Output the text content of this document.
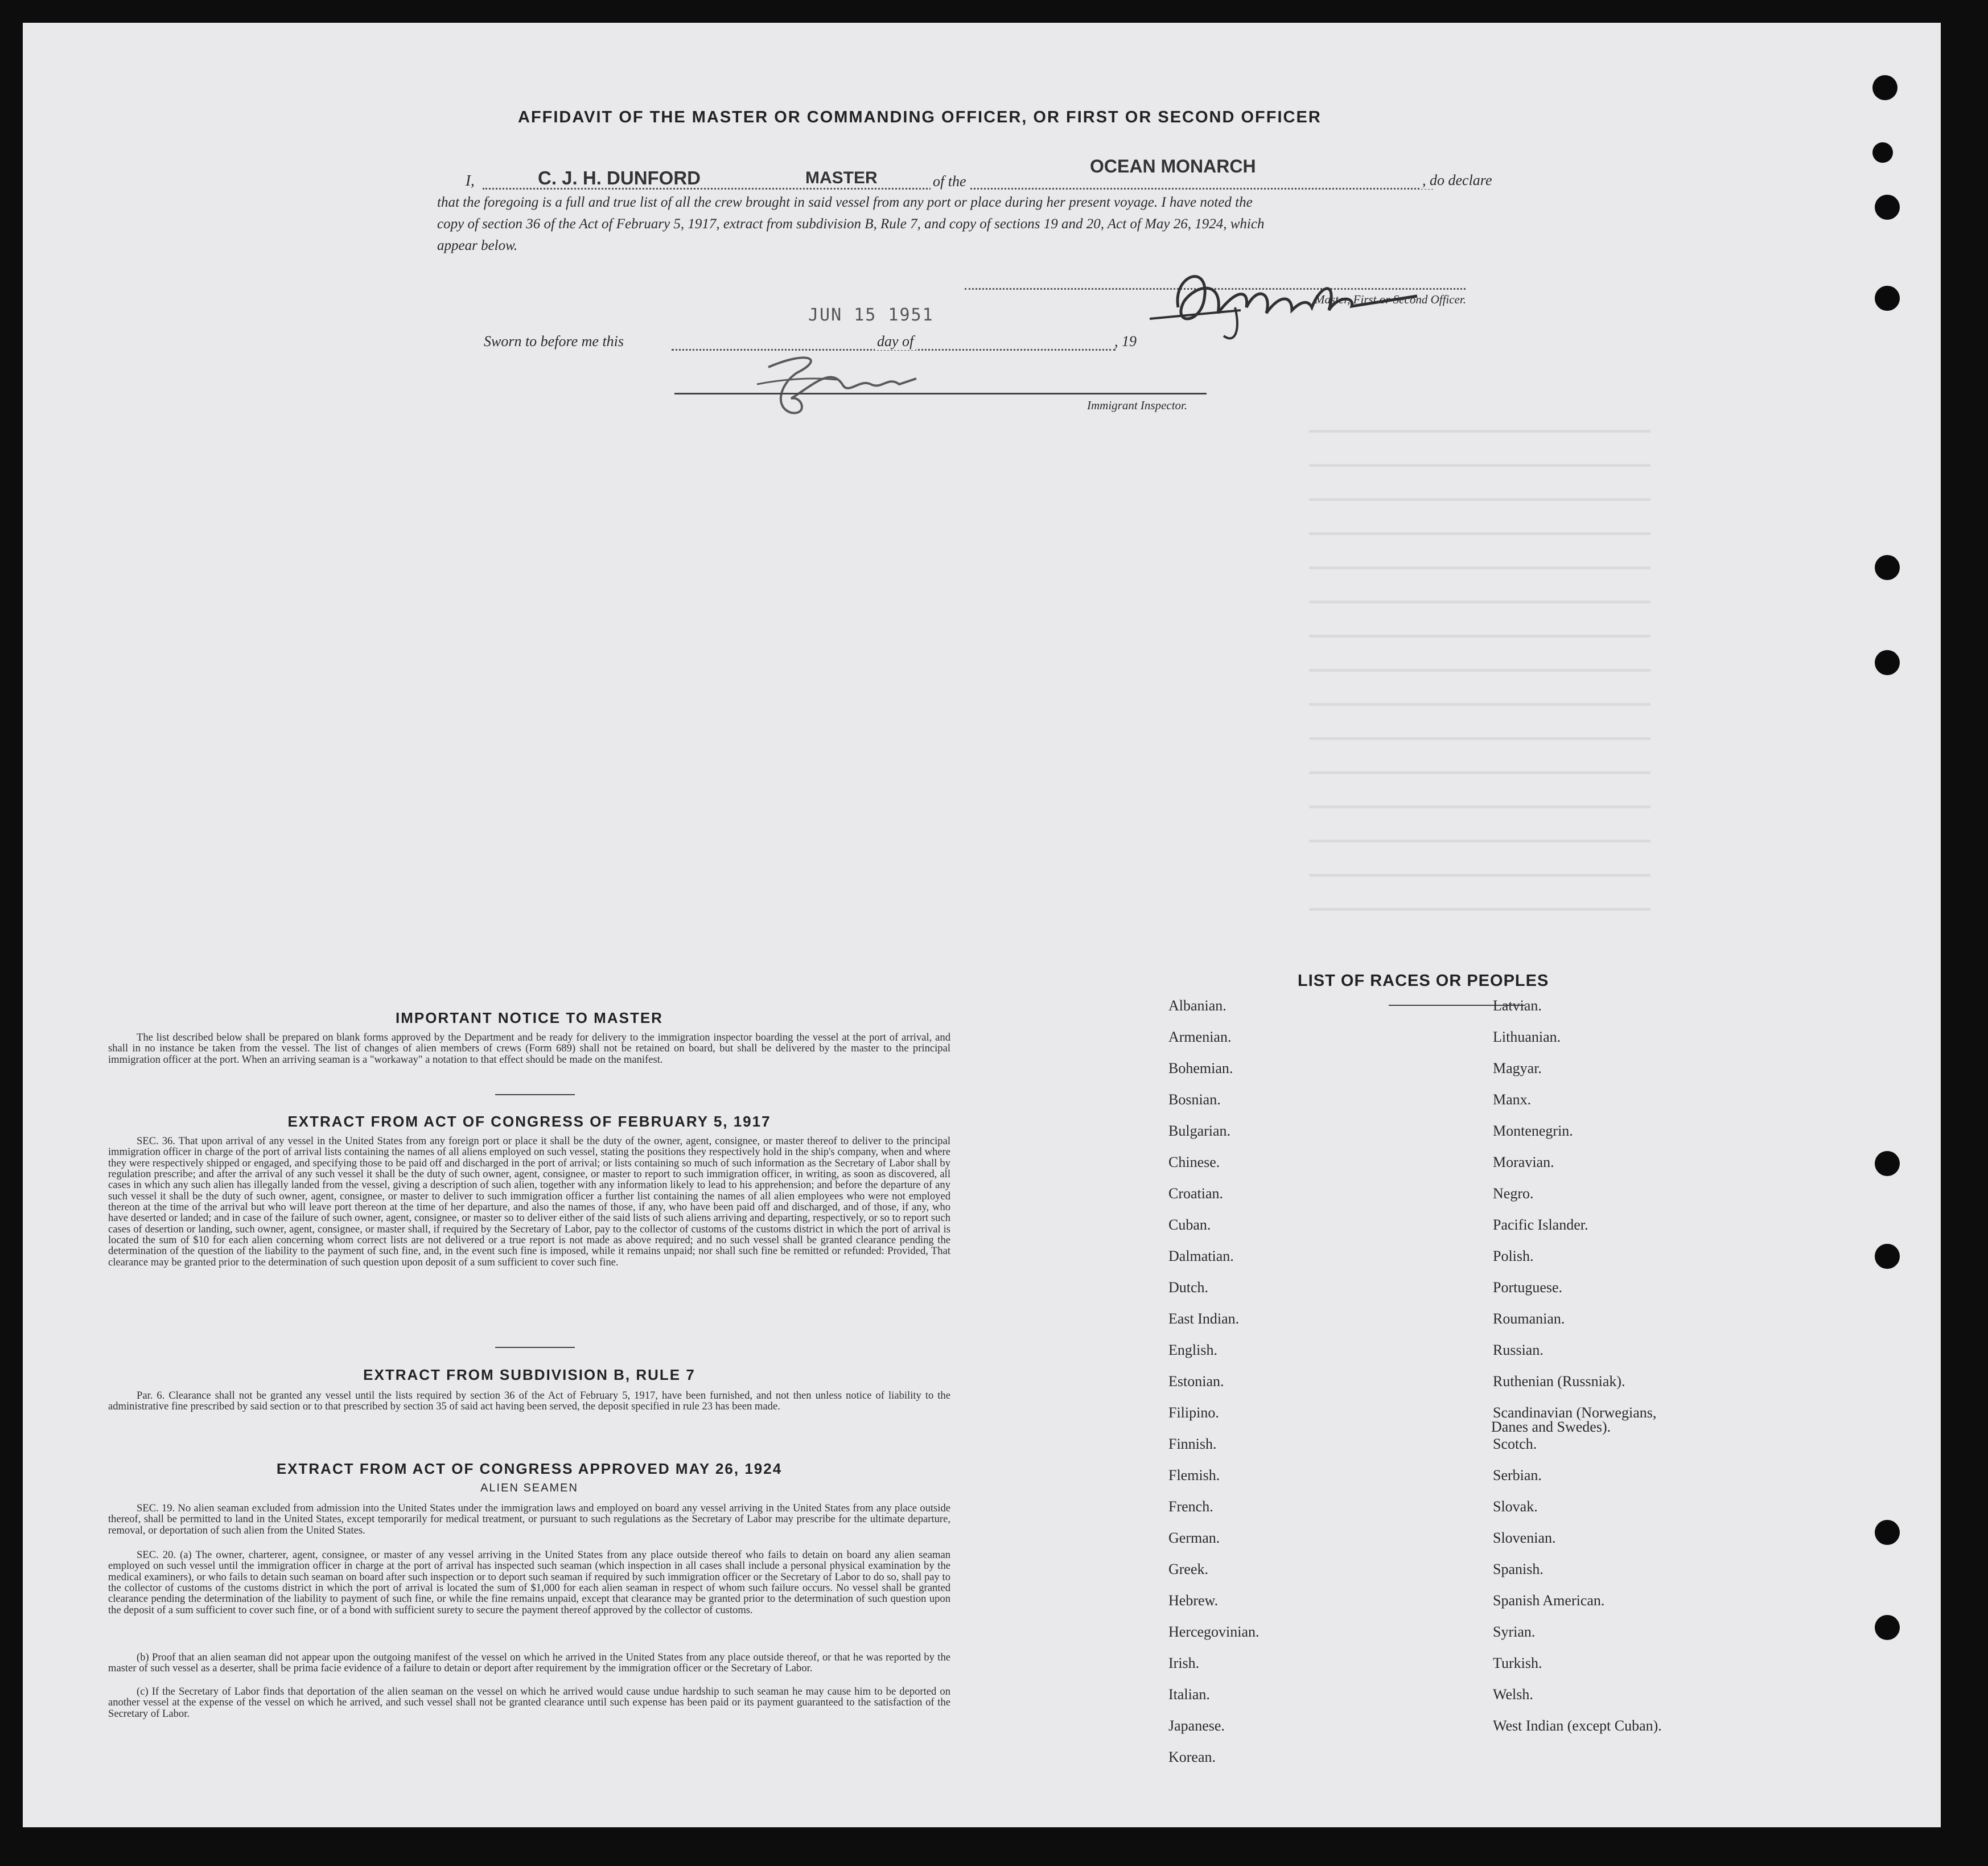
AFFIDAVIT OF THE MASTER OR COMMANDING OFFICER, OR FIRST OR SECOND OFFICER
I,	C. J. H. DUNFORD	MASTER	of the
OCEAN MONARCH
, do declare
that the foregoing is a full and true list of all the crew brought in said vessel from any port or place during her present voyage. I have noted the
copy of section 36 of the Act of February 5, 1917, extract from subdivision B, Rule 7, and copy of sections 19 and 20, Act of May 26, 1924, which
appear below.
Master, First or Second Officer.
JUN 15 1951
Sworn to before me this	day of	, 19
Immigrant Inspector.
IMPORTANT NOTICE TO MASTER
The list described below shall be prepared on blank forms approved by the Department and be ready for delivery to the immigration inspector boarding the vessel at the port of arrival, and shall in no instance be taken from the vessel. The list of changes of alien members of crews (Form 689) shall not be retained on board, but shall be delivered by the master to the principal immigration officer at the port. When an arriving seaman is a "workaway" a notation to that effect should be made on the manifest.
EXTRACT FROM ACT OF CONGRESS OF FEBRUARY 5, 1917
SEC. 36. That upon arrival of any vessel in the United States from any foreign port or place it shall be the duty of the owner, agent, consignee, or master thereof to deliver to the principal immigration officer in charge of the port of arrival lists containing the names of all aliens employed on such vessel, stating the positions they respectively hold in the ship's company, when and where they were respectively shipped or engaged, and specifying those to be paid off and discharged in the port of arrival; or lists containing so much of such information as the Secretary of Labor shall by regulation prescribe; and after the arrival of any such vessel it shall be the duty of such owner, agent, consignee, or master to report to such immigration officer, in writing, as soon as discovered, all cases in which any such alien has illegally landed from the vessel, giving a description of such alien, together with any information likely to lead to his apprehension; and before the departure of any such vessel it shall be the duty of such owner, agent, consignee, or master to deliver to such immigration officer a further list containing the names of all alien employees who were not employed thereon at the time of the arrival but who will leave port thereon at the time of her departure, and also the names of those, if any, who have been paid off and discharged, and of those, if any, who have deserted or landed; and in case of the failure of such owner, agent, consignee, or master so to deliver either of the said lists of such aliens arriving and departing, respectively, or so to report such cases of desertion or landing, such owner, agent, consignee, or master shall, if required by the Secretary of Labor, pay to the collector of customs of the customs district in which the port of arrival is located the sum of $10 for each alien concerning whom correct lists are not delivered or a true report is not made as above required; and no such vessel shall be granted clearance pending the determination of the question of the liability to the payment of such fine, and, in the event such fine is imposed, while it remains unpaid; nor shall such fine be remitted or refunded: Provided, That clearance may be granted prior to the determination of such question upon deposit of a sum sufficient to cover such fine.
EXTRACT FROM SUBDIVISION B, RULE 7
Par. 6. Clearance shall not be granted any vessel until the lists required by section 36 of the Act of February 5, 1917, have been furnished, and not then unless notice of liability to the administrative fine prescribed by said section or to that prescribed by section 35 of said act having been served, the deposit specified in rule 23 has been made.
EXTRACT FROM ACT OF CONGRESS APPROVED MAY 26, 1924
ALIEN SEAMEN
SEC. 19. No alien seaman excluded from admission into the United States under the immigration laws and employed on board any vessel arriving in the United States from any place outside thereof, shall be permitted to land in the United States, except temporarily for medical treatment, or pursuant to such regulations as the Secretary of Labor may prescribe for the ultimate departure, removal, or deportation of such alien from the United States.
SEC. 20. (a) The owner, charterer, agent, consignee, or master of any vessel arriving in the United States from any place outside thereof who fails to detain on board any alien seaman employed on such vessel until the immigration officer in charge at the port of arrival has inspected such seaman (which inspection in all cases shall include a personal physical examination by the medical examiners), or who fails to detain such seaman on board after such inspection or to deport such seaman if required by such immigration officer or the Secretary of Labor to do so, shall pay to the collector of customs of the customs district in which the port of arrival is located the sum of $1,000 for each alien seaman in respect of whom such failure occurs. No vessel shall be granted clearance pending the determination of the liability to payment of such fine, or while the fine remains unpaid, except that clearance may be granted prior to the determination of such question upon the deposit of a sum sufficient to cover such fine, or of a bond with sufficient surety to secure the payment thereof approved by the collector of customs.
(b) Proof that an alien seaman did not appear upon the outgoing manifest of the vessel on which he arrived in the United States from any place outside thereof, or that he was reported by the master of such vessel as a deserter, shall be prima facie evidence of a failure to detain or deport after requirement by the immigration officer or the Secretary of Labor.
(c) If the Secretary of Labor finds that deportation of the alien seaman on the vessel on which he arrived would cause undue hardship to such seaman he may cause him to be deported on another vessel at the expense of the vessel on which he arrived, and such vessel shall not be granted clearance until such expense has been paid or its payment guaranteed to the satisfaction of the Secretary of Labor.
LIST OF RACES OR PEOPLES
Albanian.
Armenian.
Bohemian.
Bosnian.
Bulgarian.
Chinese.
Croatian.
Cuban.
Dalmatian.
Dutch.
East Indian.
English.
Estonian.
Filipino.
Finnish.
Flemish.
French.
German.
Greek.
Hebrew.
Hercegovinian.
Irish.
Italian.
Japanese.
Korean.
Latvian.
Lithuanian.
Magyar.
Manx.
Montenegrin.
Moravian.
Negro.
Pacific Islander.
Polish.
Portuguese.
Roumanian.
Russian.
Ruthenian (Russniak).
Scandinavian (Norwegians,
Danes and Swedes).
Scotch.
Serbian.
Slovak.
Slovenian.
Spanish.
Spanish American.
Syrian.
Turkish.
Welsh.
West Indian (except Cuban).
